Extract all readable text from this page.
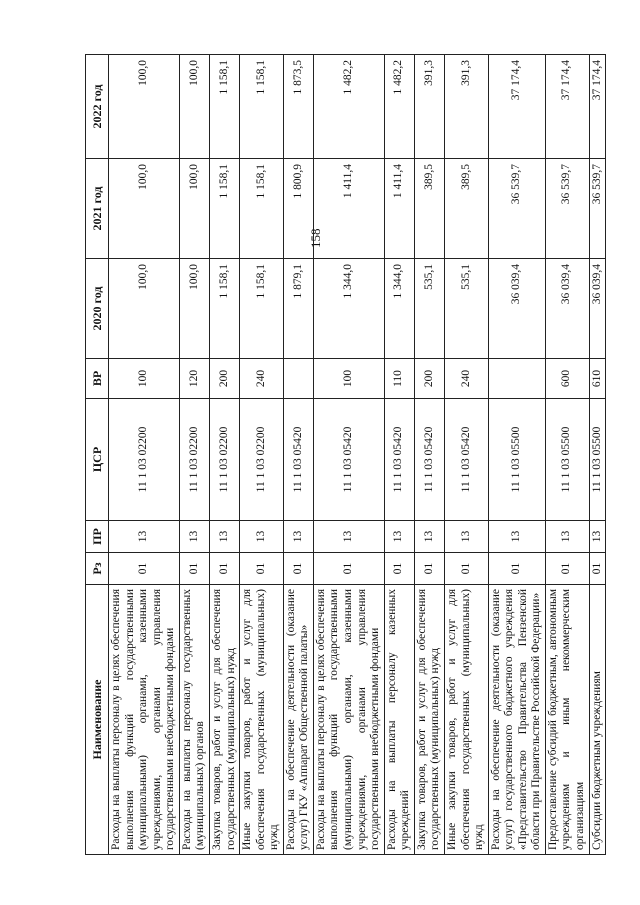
158
Наименование	Рз	ПР	ЦСР	ВР	2020 год	2021 год	2022 год
Расходы на выплаты персоналу в целях обеспечения выполнения функций государственными (муниципальными) органами, казенными учреждениями, органами управления государственными внебюджетными фондами	01	13	11 1 03 02200	100	100,0	100,0	100,0
Расходы на выплаты персоналу государственных (муниципальных) органов	01	13	11 1 03 02200	120	100,0	100,0	100,0
Закупка товаров, работ и услуг для обеспечения государственных (муниципальных) нужд	01	13	11 1 03 02200	200	1 158,1	1 158,1	1 158,1
Иные закупки товаров, работ и услуг для обеспечения государственных (муниципальных) нужд	01	13	11 1 03 02200	240	1 158,1	1 158,1	1 158,1
Расходы на обеспечение деятельности (оказание услуг) ГКУ «Аппарат Общественной палаты»	01	13	11 1 03 05420		1 879,1	1 800,9	1 873,5
Расходы на выплаты персоналу в целях обеспечения выполнения функций государственными (муниципальными) органами, казенными учреждениями, органами управления государственными внебюджетными фондами	01	13	11 1 03 05420	100	1 344,0	1 411,4	1 482,2
Расходы на выплаты персоналу казенных учреждений	01	13	11 1 03 05420	110	1 344,0	1 411,4	1 482,2
Закупка товаров, работ и услуг для обеспечения государственных (муниципальных) нужд	01	13	11 1 03 05420	200	535,1	389,5	391,3
Иные закупки товаров, работ и услуг для обеспечения государственных (муниципальных) нужд	01	13	11 1 03 05420	240	535,1	389,5	391,3
Расходы на обеспечение деятельности (оказание услуг) государственного бюджетного учреждения «Представительство Правительства Пензенской области при Правительстве Российской Федерации»	01	13	11 1 03 05500		36 039,4	36 539,7	37 174,4
Предоставление субсидий бюджетным, автономным учреждениям и иным некоммерческим организациям	01	13	11 1 03 05500	600	36 039,4	36 539,7	37 174,4
Субсидии бюджетным учреждениям	01	13	11 1 03 05500	610	36 039,4	36 539,7	37 174,4
